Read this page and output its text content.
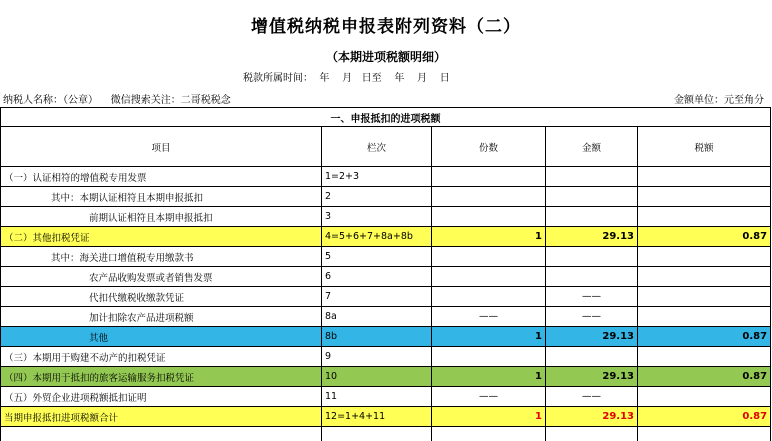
增值税纳税申报表附列资料（二）
（本期进项税额明细）
税款所属时间：  年    月   日至    年    月    日
纳税人名称：（公章）    微信搜索关注：二哥税税念	金额单位：元至角分
一、申报抵扣的进项税额				
项目	栏次	份数	金额	税额
（一）认证相符的增值税专用发票	1=2+3			
其中：本期认证相符且本期申报抵扣	2			
前期认证相符且本期申报抵扣	3			
（二）其他扣税凭证	4=5+6+7+8a+8b	1	29.13	0.87
其中：海关进口增值税专用缴款书	5			
农产品收购发票或者销售发票	6			
代扣代缴税收缴款凭证	7		——	
加计扣除农产品进项税额	8a	——	——	
其他	8b	1	29.13	0.87
（三）本期用于购建不动产的扣税凭证	9			
（四）本期用于抵扣的旅客运输服务扣税凭证	10	1	29.13	0.87
（五）外贸企业进项税额抵扣证明	11	——	——	
当期申报抵扣进项税额合计	12=1+4+11	1	29.13	0.87
